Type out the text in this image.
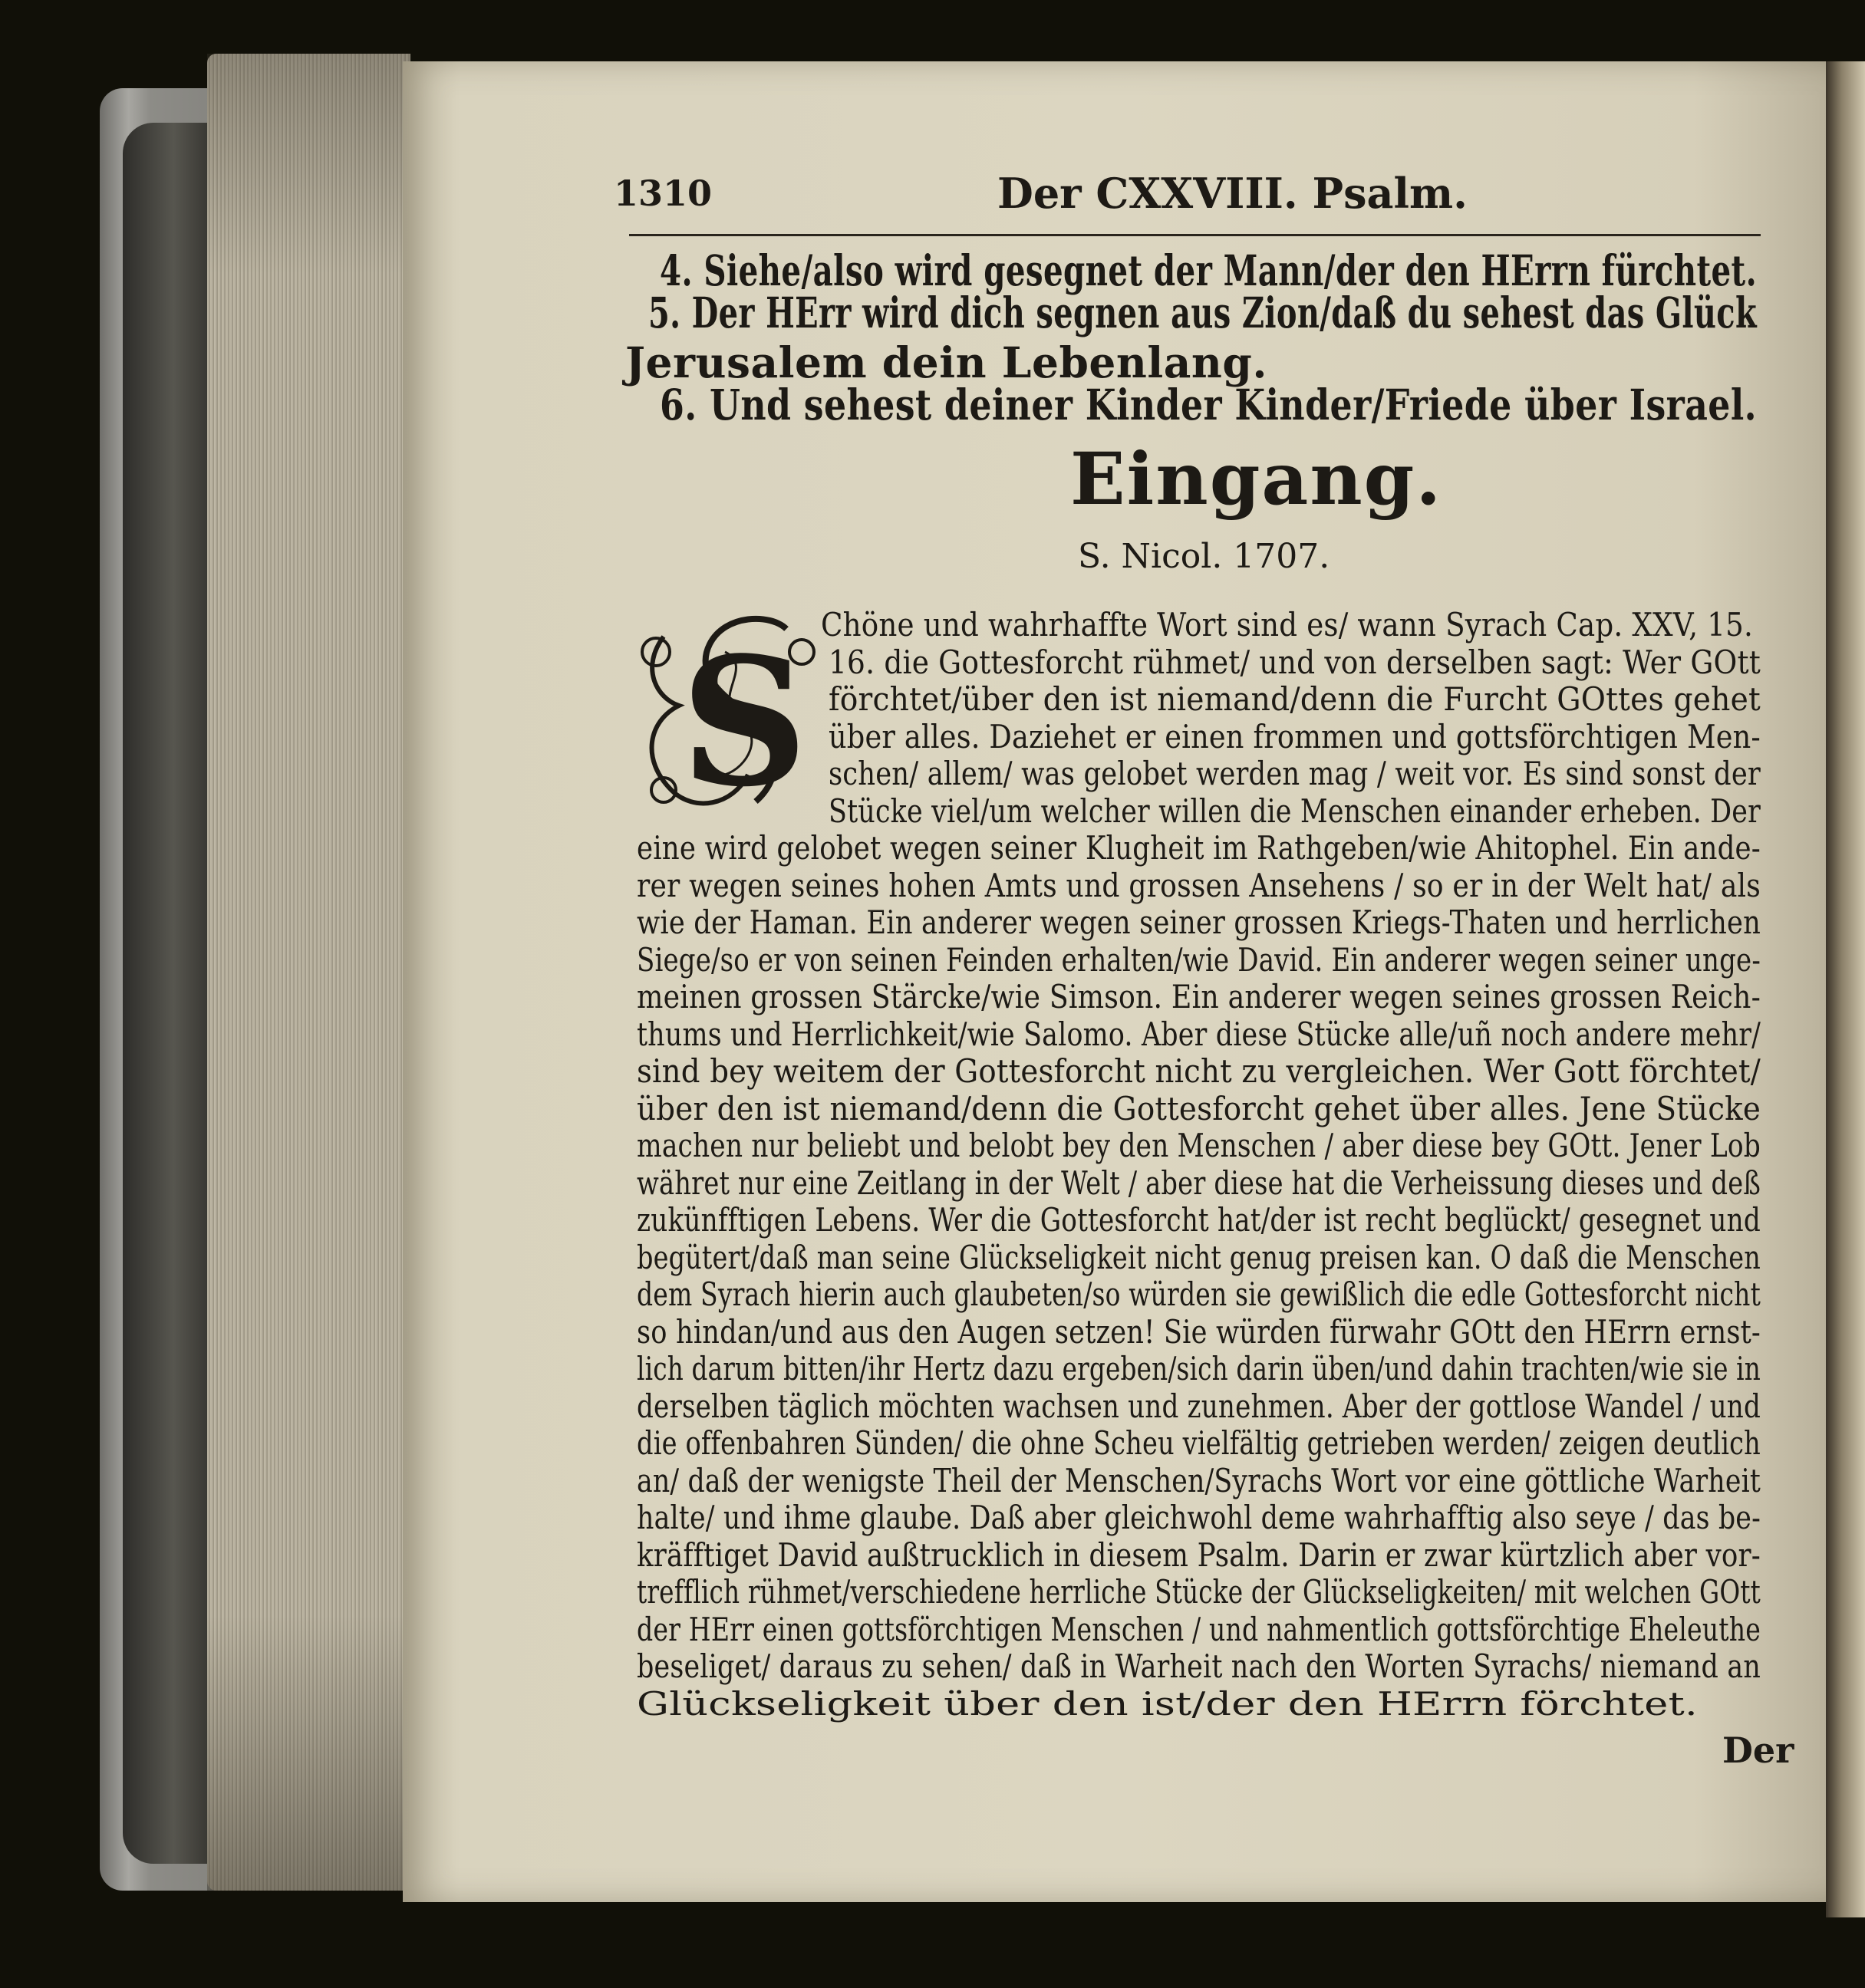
1310	Der CXXVIII. Psalm.
4. Siehe/also wird gesegnet der Mann/der den HErrn fürchtet.
5. Der HErr wird dich segnen aus Zion/daß du sehest das Glück
Jerusalem dein Lebenlang.
6. Und sehest deiner Kinder Kinder/Friede über Israel.
Eingang.
S. Nicol. 1707.
S Chöne und wahrhaffte Wort sind es/ wann Syrach Cap. XXV, 15.
16. die Gottesforcht rühmet/ und von derselben sagt: Wer GOtt
förchtet/über den ist niemand/denn die Furcht GOttes gehet
über alles. Daziehet er einen frommen und gottsförchtigen Men-
schen/ allem/ was gelobet werden mag / weit vor. Es sind sonst der
Stücke viel/um welcher willen die Menschen einander erheben. Der
eine wird gelobet wegen seiner Klugheit im Rathgeben/wie Ahitophel. Ein ande-
rer wegen seines hohen Amts und grossen Ansehens / so er in der Welt hat/ als
wie der Haman. Ein anderer wegen seiner grossen Kriegs-Thaten und herrlichen
Siege/so er von seinen Feinden erhalten/wie David. Ein anderer wegen seiner unge-
meinen grossen Stärcke/wie Simson. Ein anderer wegen seines grossen Reich-
thums und Herrlichkeit/wie Salomo. Aber diese Stücke alle/uñ noch andere mehr/
sind bey weitem der Gottesforcht nicht zu vergleichen. Wer Gott förchtet/
über den ist niemand/denn die Gottesforcht gehet über alles. Jene Stücke
machen nur beliebt und belobt bey den Menschen / aber diese bey GOtt. Jener Lob
währet nur eine Zeitlang in der Welt / aber diese hat die Verheissung dieses und deß
zukünfftigen Lebens. Wer die Gottesforcht hat/der ist recht beglückt/ gesegnet und
begütert/daß man seine Glückseligkeit nicht genug preisen kan. O daß die Menschen
dem Syrach hierin auch glaubeten/so würden sie gewißlich die edle Gottesforcht nicht
so hindan/und aus den Augen setzen! Sie würden fürwahr GOtt den HErrn ernst-
lich darum bitten/ihr Hertz dazu ergeben/sich darin üben/und dahin trachten/wie sie in
derselben täglich möchten wachsen und zunehmen. Aber der gottlose Wandel / und
die offenbahren Sünden/ die ohne Scheu vielfältig getrieben werden/ zeigen deutlich
an/ daß der wenigste Theil der Menschen/Syrachs Wort vor eine göttliche Warheit
halte/ und ihme glaube. Daß aber gleichwohl deme wahrhafftig also seye / das be-
kräfftiget David außtrucklich in diesem Psalm. Darin er zwar kürtzlich aber vor-
trefflich rühmet/verschiedene herrliche Stücke der Glückseligkeiten/ mit welchen GOtt
der HErr einen gottsförchtigen Menschen / und nahmentlich gottsförchtige Eheleuthe
beseliget/ daraus zu sehen/ daß in Warheit nach den Worten Syrachs/ niemand an
Glückseligkeit über den ist/der den HErrn förchtet.
Der
